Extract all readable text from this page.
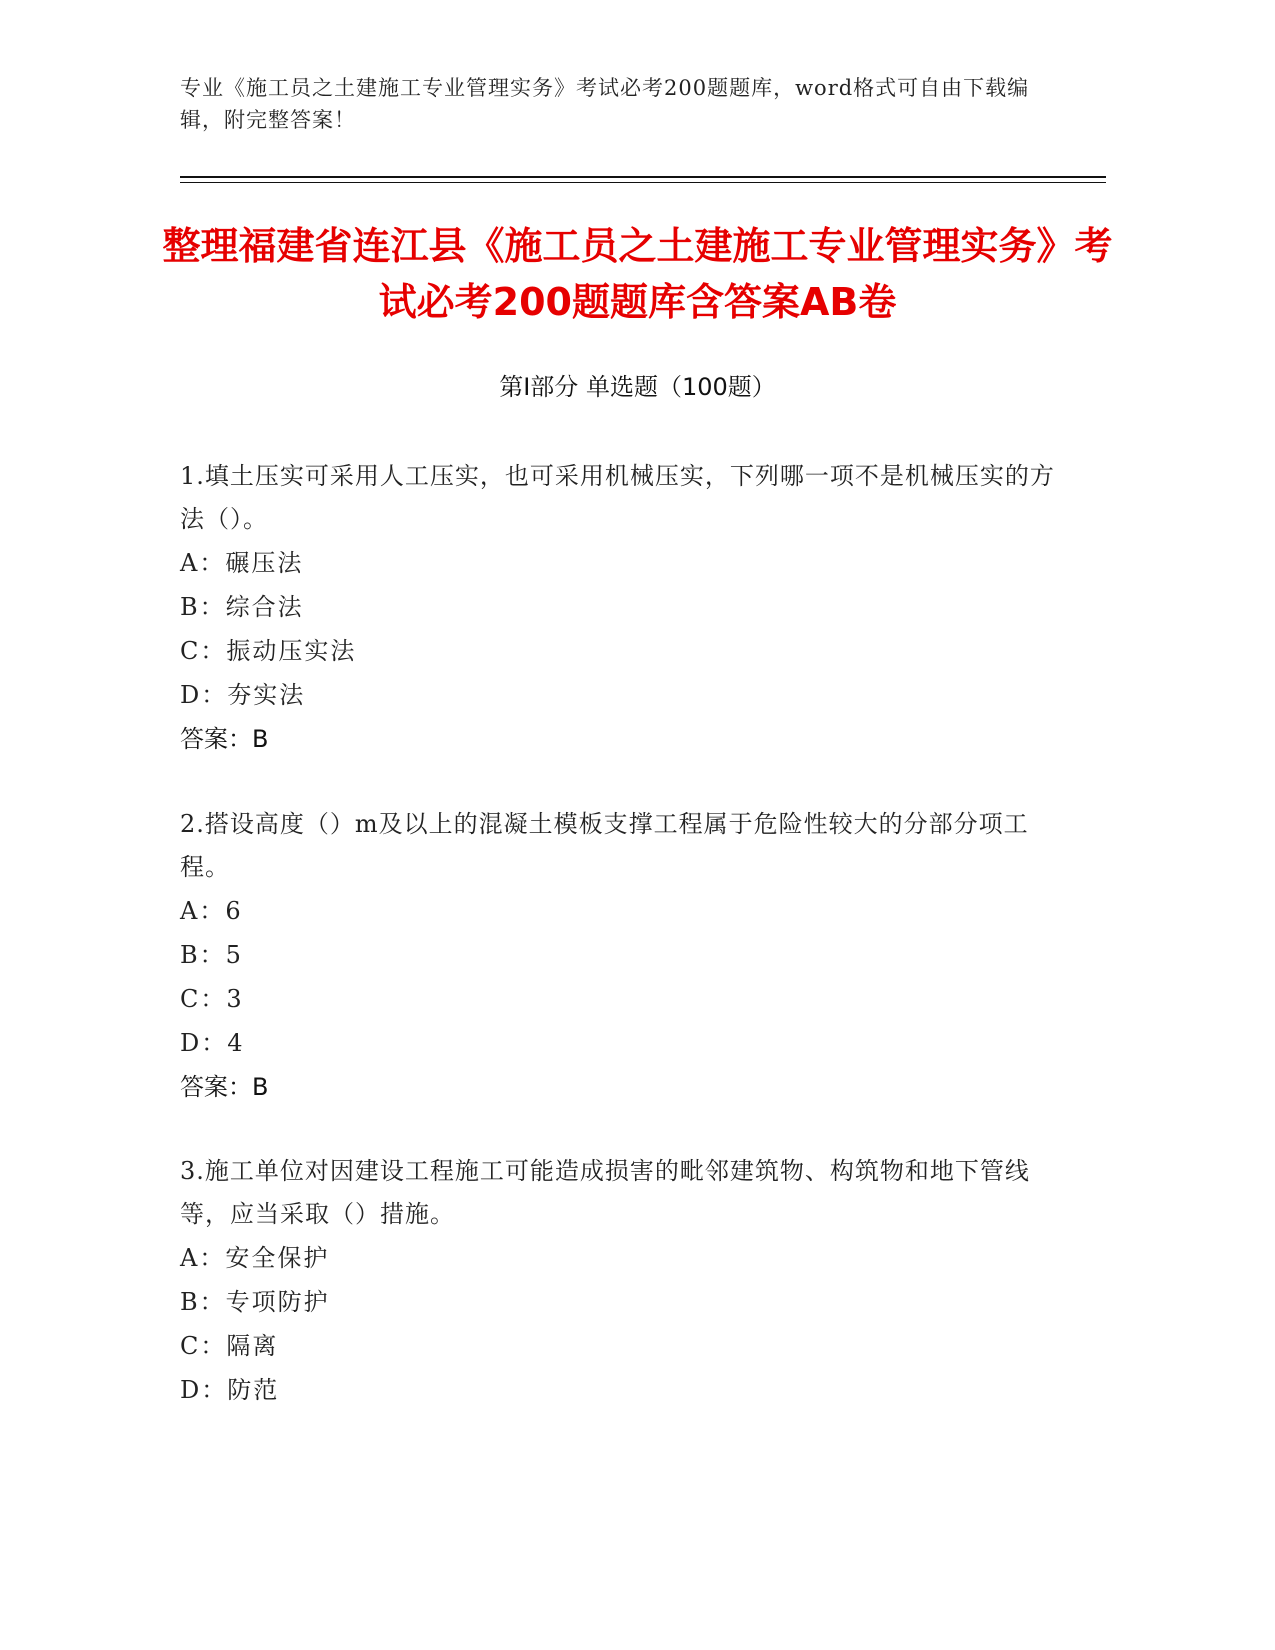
专业《施工员之土建施工专业管理实务》考试必考200题题库，word格式可自由下载编辑，附完整答案！
整理福建省连江县《施工员之土建施工专业管理实务》考试必考200题题库含答案AB卷
第Ⅰ部分 单选题（100题）
1.填土压实可采用人工压实，也可采用机械压实，下列哪一项不是机械压实的方法（）。
A：碾压法
B：综合法
C：振动压实法
D：夯实法
答案：B
2.搭设高度（）m及以上的混凝土模板支撑工程属于危险性较大的分部分项工程。
A：6
B：5
C：3
D：4
答案：B
3.施工单位对因建设工程施工可能造成损害的毗邻建筑物、构筑物和地下管线等，应当采取（）措施。
A：安全保护
B：专项防护
C：隔离
D：防范
